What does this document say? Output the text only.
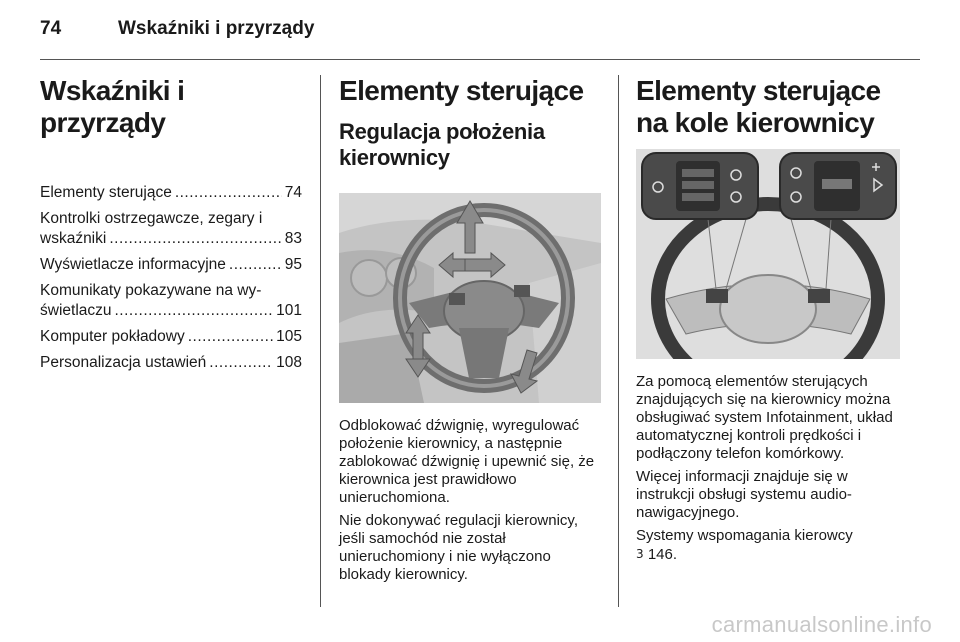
74	Wskaźniki i przyrządy
Wskaźniki i przyrządy
Elementy sterujące .....	74
Kontrolki ostrzegawcze, zegary i
wskaźniki .....	83
Wyświetlacze informacyjne .....	95
Komunikaty pokazywane na wy-
świetlaczu .....	101
Komputer pokładowy .....	105
Personalizacja ustawień .....	108
Elementy sterujące
Regulacja położenia kierownicy

Odblokować dźwignię, wyregulować położenie kierownicy, a następnie zablokować dźwignię i upewnić się, że kierownica jest prawidłowo unieruchomiona.

Nie dokonywać regulacji kierownicy, jeśli samochód nie został unieruchomiony i nie wyłączono blokady kierownicy.

Elementy sterujące na kole kierownicy

Za pomocą elementów sterujących znajdujących się na kierownicy można obsługiwać system Infotainment, układ automatycznej kontroli prędkości i podłączony telefon komórkowy.

Więcej informacji znajduje się w instrukcji obsługi systemu audio-nawigacyjnego.

Systemy wspomagania kierowcy
3 146.

carmanualsonline.info
